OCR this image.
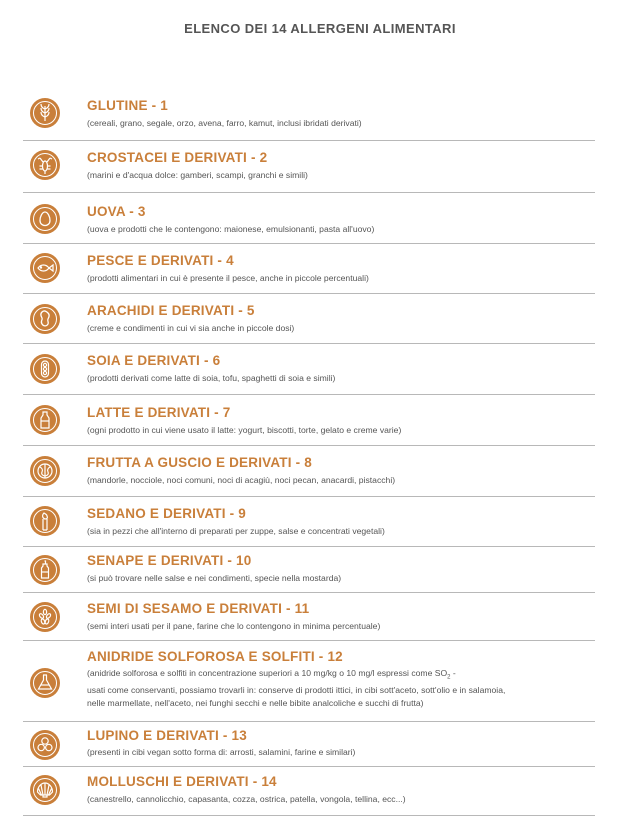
ELENCO DEI 14 ALLERGENI ALIMENTARI
GLUTINE - 1
(cereali, grano, segale, orzo, avena, farro, kamut, inclusi ibridati derivati)
CROSTACEI E DERIVATI - 2
(marini e d'acqua dolce: gamberi, scampi, granchi e simili)
UOVA - 3
(uova e prodotti che le contengono: maionese, emulsionanti, pasta all'uovo)
PESCE E DERIVATI - 4
(prodotti alimentari in cui è presente il pesce, anche in piccole percentuali)
ARACHIDI E DERIVATI - 5
(creme e condimenti in cui vi sia anche in piccole dosi)
SOIA E DERIVATI - 6
(prodotti derivati come latte di soia, tofu, spaghetti di soia e simili)
LATTE E DERIVATI - 7
(ogni prodotto in cui viene usato il latte: yogurt, biscotti, torte, gelato e creme varie)
FRUTTA A GUSCIO E DERIVATI - 8
(mandorle, nocciole, noci comuni, noci di acagiù, noci pecan, anacardi, pistacchi)
SEDANO E DERIVATI - 9
(sia in pezzi che all'interno di preparati per zuppe, salse e concentrati vegetali)
SENAPE E DERIVATI - 10
(si può trovare nelle salse e nei condimenti, specie nella mostarda)
SEMI DI SESAMO E DERIVATI - 11
(semi interi usati per il pane, farine che lo contengono in minima percentuale)
ANIDRIDE SOLFOROSA E SOLFITI - 12
(anidride solforosa e solfiti in concentrazione superiori a 10 mg/kg o 10 mg/l espressi come $SO_2$ -
usati come conservanti, possiamo trovarli in: conserve di prodotti ittici, in cibi sott'aceto, sott'olio e in salamoia,
nelle marmellate, nell'aceto, nei funghi secchi e nelle bibite analcoliche e succhi di frutta)
LUPINO E DERIVATI - 13
(presenti in cibi vegan sotto forma di: arrosti, salamini, farine e similari)
MOLLUSCHI E DERIVATI - 14
(canestrello, cannolicchio, capasanta, cozza, ostrica, patella, vongola, tellina, ecc...)
